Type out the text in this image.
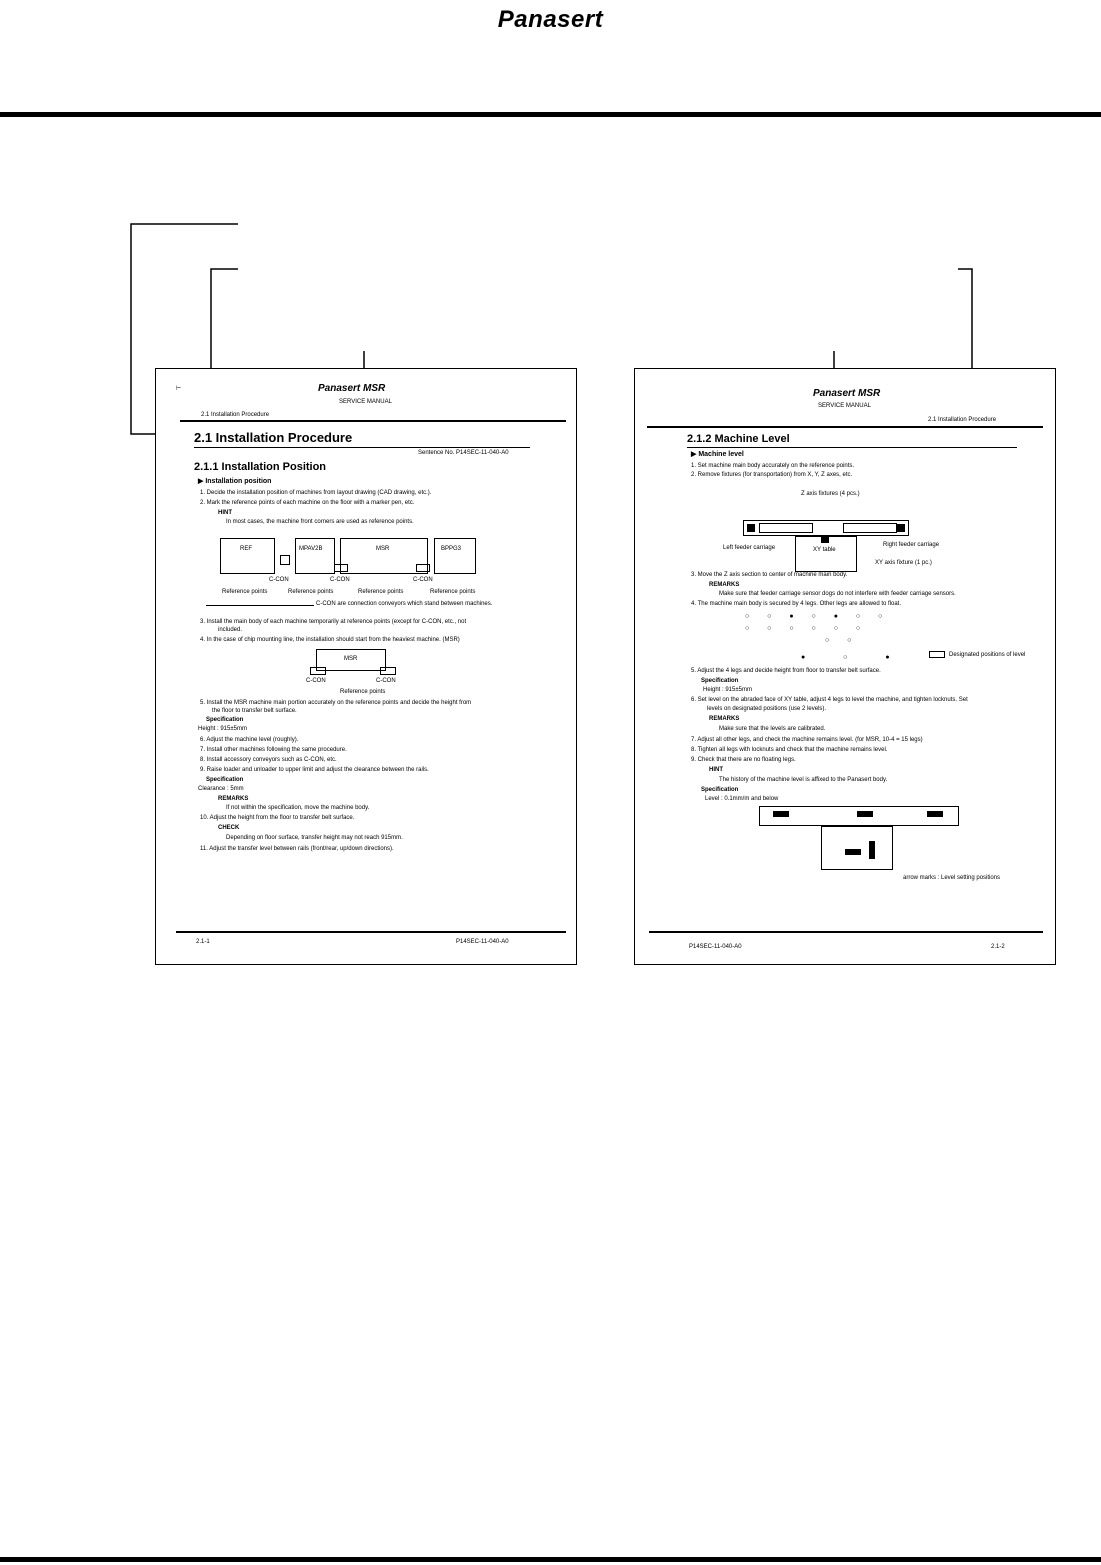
Panasert
⊢	Panasert MSR
SERVICE MANUAL
2.1 Installation Procedure
2.1 Installation Procedure
Sentence No. P14SEC-11-040-A0
2.1.1 Installation Position
▶ Installation position
1. Decide the installation position of machines from layout drawing (CAD drawing, etc.).
2. Mark the reference points of each machine on the floor with a marker pen, etc.
HINT
In most cases, the machine front corners are used as reference points.
REF	MPAV2B	MSR	BPPG3
C-CON	C-CON	C-CON
Reference points	Reference points	Reference points	Reference points
C-CON are connection conveyors which stand between machines.
3. Install the main body of each machine temporarily at reference points (except for C-CON, etc., not
included.
4. In the case of chip mounting line, the installation should start from the heaviest machine. (MSR)
MSR
C-CON	C-CON
Reference points
5. Install the MSR machine main portion accurately on the reference points and decide the height from
the floor to transfer belt surface.
Specification
Height : 915±5mm
6. Adjust the machine level (roughly).
7. Install other machines following the same procedure.
8. Install accessory conveyors such as C-CON, etc.
9. Raise loader and unloader to upper limit and adjust the clearance between the rails.
Specification
Clearance : 5mm
REMARKS
If not within the specification, move the machine body.
10. Adjust the height from the floor to transfer belt surface.
CHECK
Depending on floor surface, transfer height may not reach 915mm.
11. Adjust the transfer level between rails (front/rear, up/down directions).
2.1-1	P14SEC-11-040-A0
Panasert MSR
SERVICE MANUAL
2.1 Installation Procedure
2.1.2 Machine Level
▶ Machine level
1. Set machine main body accurately on the reference points.
2. Remove fixtures (for transportation) from X, Y, Z axes, etc.
Z axis fixtures (4 pcs.)
XY table
Left feeder carriage	Right feeder carriage
XY axis fixture (1 pc.)
3. Move the Z axis section to center of machine main body.
REMARKS
Make sure that feeder carriage sensor dogs do not interfere with feeder carriage sensors.
4. The machine main body is secured by 4 legs. Other legs are allowed to float.
○ ○ ● ○ ● ○ ○
○ ○ ○ ○ ○ ○
○ ○
● ○ ●	Designated positions of level
5. Adjust the 4 legs and decide height from floor to transfer belt surface.
Specification
Height : 915±5mm
6. Set level on the abraded face of XY table, adjust 4 legs to level the machine, and tighten locknuts. Set
levels on designated positions (use 2 levels).
REMARKS
Make sure that the levels are calibrated.
7. Adjust all other legs, and check the machine remains level. (for MSR, 10-4 = 15 legs)
8. Tighten all legs with locknuts and check that the machine remains level.
9. Check that there are no floating legs.
HINT
The history of the machine level is affixed to the Panasert body.
Specification
Level : 0.1mm/m and below
arrow marks : Level setting positions
P14SEC-11-040-A0	2.1-2
